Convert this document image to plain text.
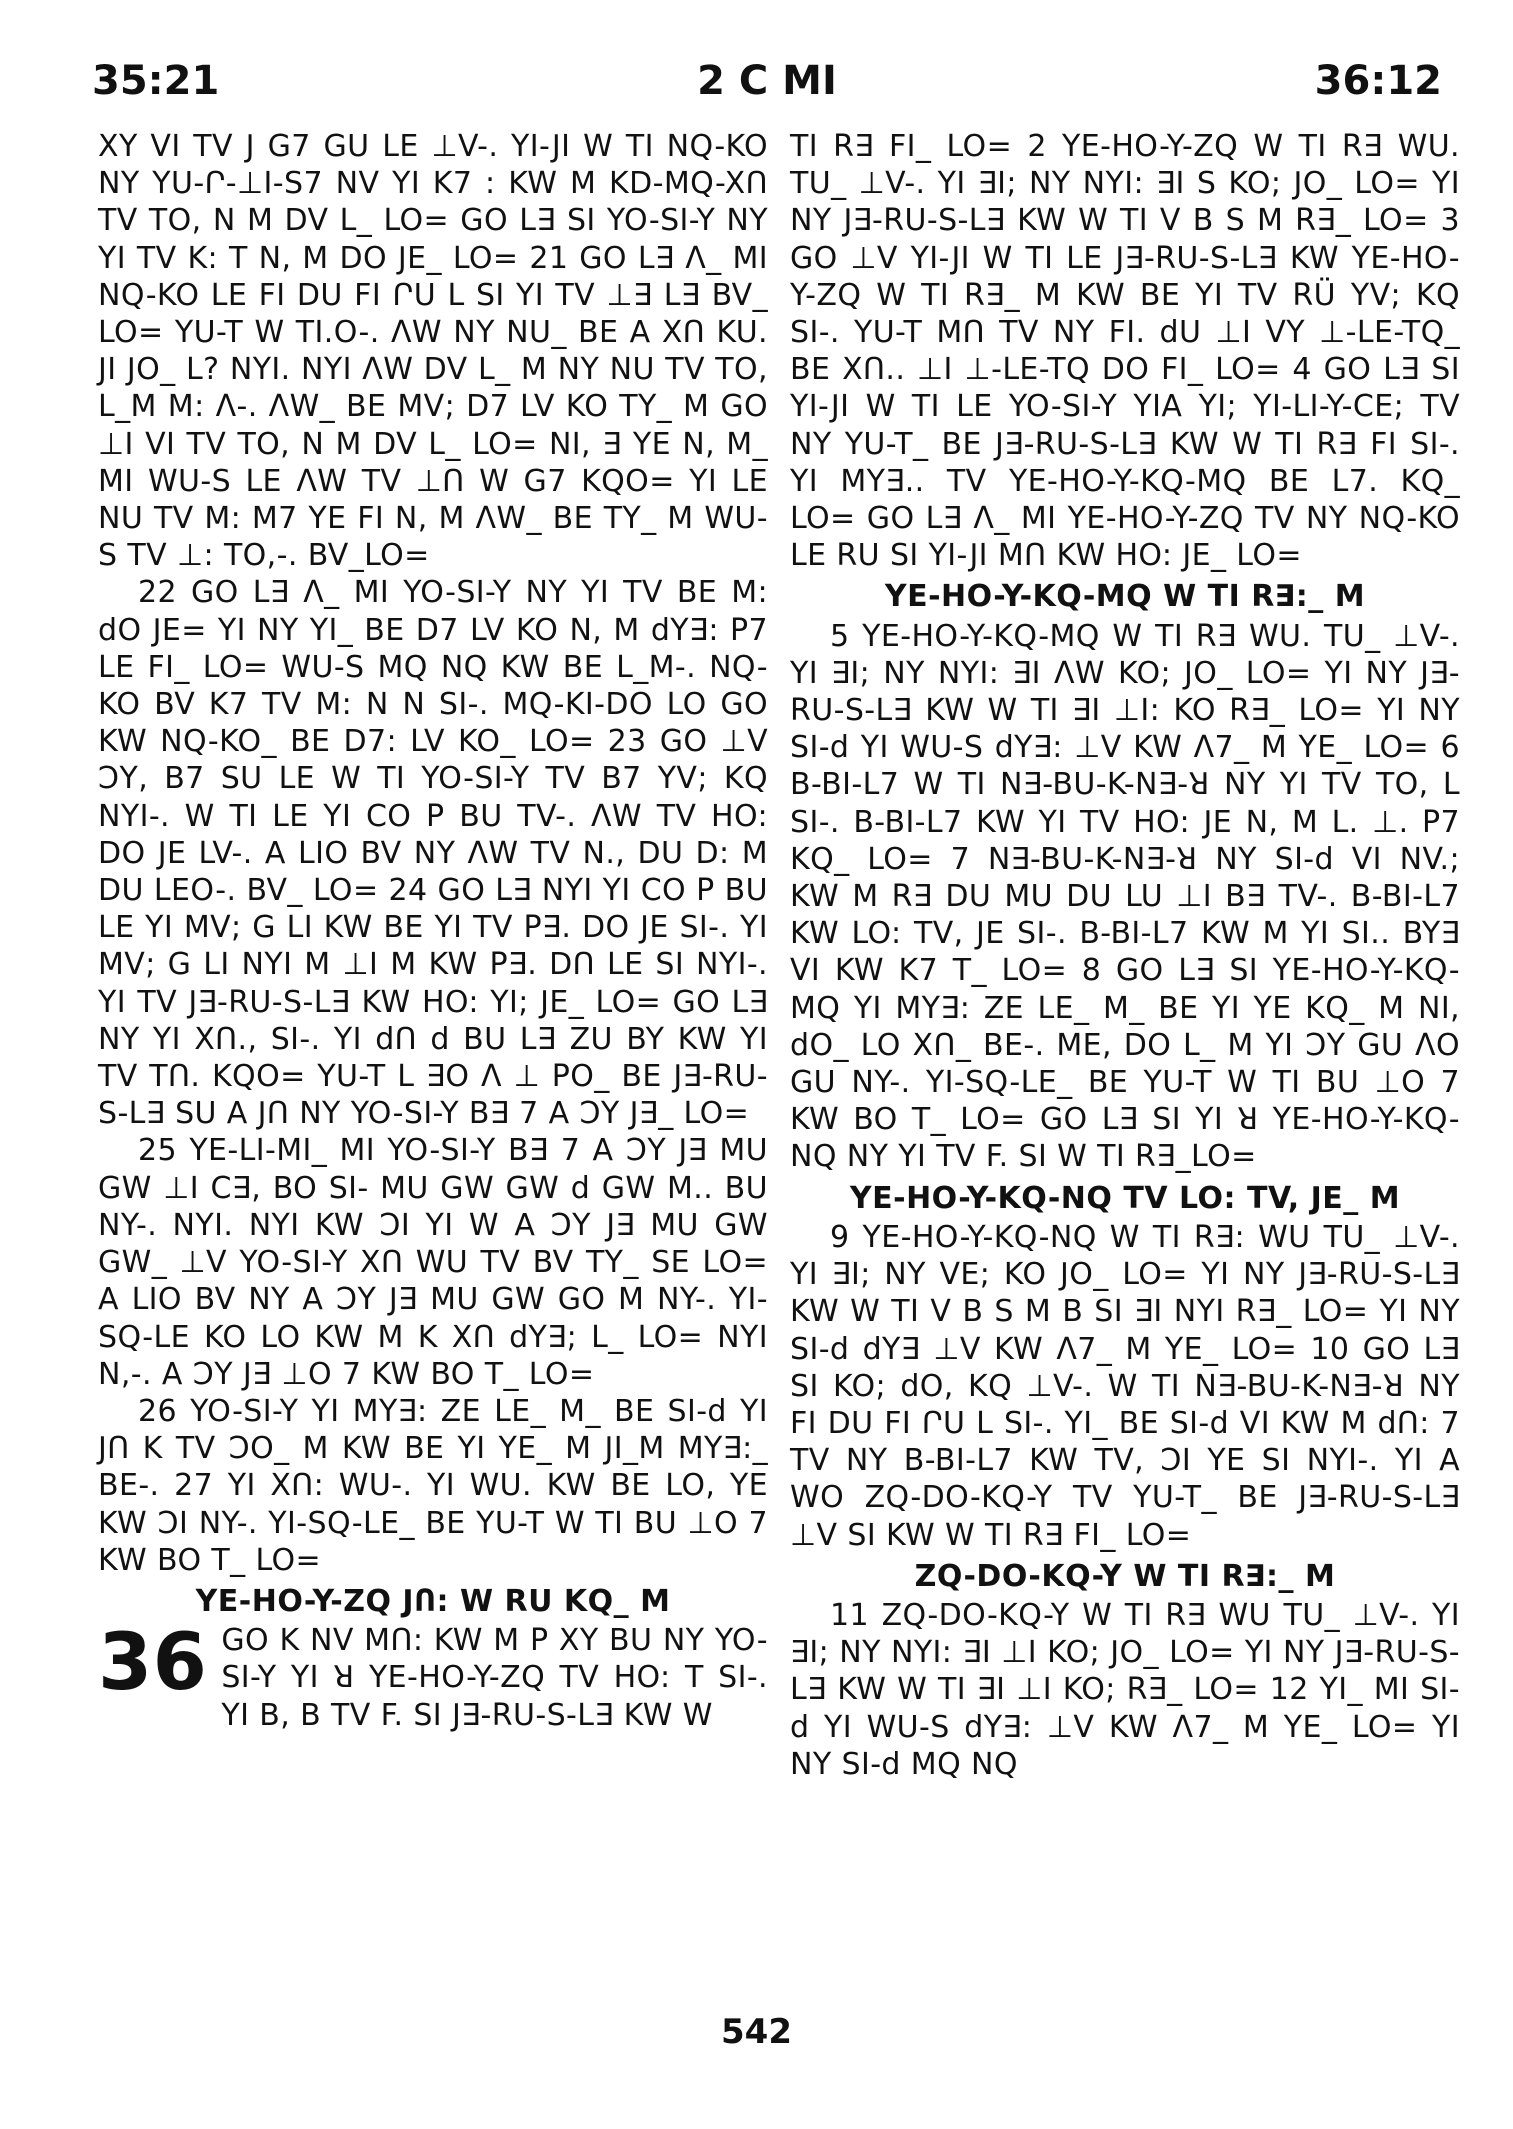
2 C MI
35:21	36:12

XY VI TV J G7 GU LE ⊥V-. YI-JI W TI NQ-KO NY YU-Ր-⊥I-S7 NV YI K7 : KW M KD-MQ-XՈ TV TO, N M DV L_ LO= GO L∃ SI YO-SI-Y NY YI TV K: T N, M DO JE_ LO= 21 GO L∃ Λ_ MI NQ-KO LE FI DU FI ՐU L SI YI TV ⊥∃ L∃ BV_ LO= YU-T W TI.O-. ΛW NY NU_ BE A XՈ KU. JI JO_ L? NYI. NYI ΛW DV L_ M NY NU TV TO, L_M M: Λ-. ΛW_ BE MV; D7 LV KO TY_ M GO ⊥I VI TV TO, N M DV L_ LO= NI, ∃ YE N, M_ MI WU-S LE ΛW TV ⊥Ո W G7 KQO= YI LE NU TV M: M7 YE FI N, M ΛW_ BE TY_ M WU-S TV ⊥: TO,-. BV_LO=

22 GO L∃ Λ_ MI YO-SI-Y NY YI TV BE M: dO JE= YI NY YI_ BE D7 LV KO N, M dY∃: P7 LE FI_ LO= WU-S MQ NQ KW BE L_M-. NQ-KO BV K7 TV M: N N SI-. MQ-KI-DO LO GO KW NQ-KO_ BE D7: LV KO_ LO= 23 GO ⊥V ƆY, B7 SU LE W TI YO-SI-Y TV B7 YV; KQ NYI-. W TI LE YI CO P BU TV-. ΛW TV HO: DO JE LV-. A LIO BV NY ΛW TV N., DU D: M DU LEO-. BV_ LO= 24 GO L∃ NYI YI CO P BU LE YI MV; G LI KW BE YI TV P∃. DO JE SI-. YI MV; G LI NYI M ⊥I M KW P∃. DՈ LE SI NYI-. YI TV J∃-RU-S-L∃ KW HO: YI; JE_ LO= GO L∃ NY YI XՈ., SI-. YI dՈ d BU L∃ ZU BY KW YI TV TՈ. KQO= YU-T L ∃O Λ ⊥ PO_ BE J∃-RU-S-L∃ SU A JՈ NY YO-SI-Y B∃ 7 A ƆY J∃_ LO=

25 YE-LI-MI_ MI YO-SI-Y B∃ 7 A ƆY J∃ MU GW ⊥I C∃, BO SI- MU GW GW d GW M.. BU NY-. NYI. NYI KW ƆI YI W A ƆY J∃ MU GW GW_ ⊥V YO-SI-Y XՈ WU TV BV TY_ SE LO= A LIO BV NY A ƆY J∃ MU GW GO M NY-. YI-SQ-LE KO LO KW M K XՈ dY∃; L_ LO= NYI N,-. A ƆY J∃ ⊥O 7 KW BO T_ LO=

26 YO-SI-Y YI MY∃: ZE LE_ M_ BE SI-d YI JՈ K TV ƆO_ M KW BE YI YE_ M JI_M MY∃:_ BE-. 27 YI XՈ: WU-. YI WU. KW BE LO, YE KW ƆI NY-. YI-SQ-LE_ BE YU-T W TI BU ⊥O 7 KW BO T_ LO=

YE-HO-Y-ZQ JՈ: W RU KQ_ M
36 GO K NV MՈ: KW M P XY BU NY YO-SI-Y YI ꓤ YE-HO-Y-ZQ TV HO: T SI-. YI B, B TV F. SI J∃-RU-S-L∃ KW W

TI R∃ FI_ LO= 2 YE-HO-Y-ZQ W TI R∃ WU. TU_ ⊥V-. YI ∃I; NY NYI: ∃I S KO; JO_ LO= YI NY J∃-RU-S-L∃ KW W TI V B S M R∃_ LO= 3 GO ⊥V YI-JI W TI LE J∃-RU-S-L∃ KW YE-HO-Y-ZQ W TI R∃_ M KW BE YI TV RÜ YV; KQ SI-. YU-T MՈ TV NY FI. dU ⊥I VY ⊥-LE-TQ_ BE XՈ.. ⊥I ⊥-LE-TQ DO FI_ LO= 4 GO L∃ SI YI-JI W TI LE YO-SI-Y YIA YI; YI-LI-Y-CE; TV NY YU-T_ BE J∃-RU-S-L∃ KW W TI R∃ FI SI-. YI MY∃.. TV YE-HO-Y-KQ-MQ BE L7. KQ_ LO= GO L∃ Λ_ MI YE-HO-Y-ZQ TV NY NQ-KO LE RU SI YI-JI MՈ KW HO: JE_ LO=

YE-HO-Y-KQ-MQ W TI R∃:_ M

5 YE-HO-Y-KQ-MQ W TI R∃ WU. TU_ ⊥V-. YI ∃I; NY NYI: ∃I ΛW KO; JO_ LO= YI NY J∃-RU-S-L∃ KW W TI ∃I ⊥I: KO R∃_ LO= YI NY SI-d YI WU-S dY∃: ⊥V KW Λ7_ M YE_ LO= 6 B-BI-L7 W TI N∃-BU-K-N∃-ꓤ NY YI TV TO, L SI-. B-BI-L7 KW YI TV HO: JE N, M L. ⊥. P7 KQ_ LO= 7 N∃-BU-K-N∃-ꓤ NY SI-d VI NV.; KW M R∃ DU MU DU LU ⊥I B∃ TV-. B-BI-L7 KW LO: TV, JE SI-. B-BI-L7 KW M YI SI.. BY∃ VI KW K7 T_ LO= 8 GO L∃ SI YE-HO-Y-KQ-MQ YI MY∃: ZE LE_ M_ BE YI YE KQ_ M NI, dO_ LO XՈ_ BE-. ME, DO L_ M YI ƆY GU ΛO GU NY-. YI-SQ-LE_ BE YU-T W TI BU ⊥O 7 KW BO T_ LO= GO L∃ SI YI ꓤ YE-HO-Y-KQ-NQ NY YI TV F. SI W TI R∃_LO=

YE-HO-Y-KQ-NQ TV LO: TV, JE_ M

9 YE-HO-Y-KQ-NQ W TI R∃: WU TU_ ⊥V-. YI ∃I; NY VE; KO JO_ LO= YI NY J∃-RU-S-L∃ KW W TI V B S M B SI ∃I NYI R∃_ LO= YI NY SI-d dY∃ ⊥V KW Λ7_ M YE_ LO= 10 GO L∃ SI KO; dO, KQ ⊥V-. W TI N∃-BU-K-N∃-ꓤ NY FI DU FI ՐU L SI-. YI_ BE SI-d VI KW M dՈ: 7 TV NY B-BI-L7 KW TV, ƆI YE SI NYI-. YI A WO ZQ-DO-KQ-Y TV YU-T_ BE J∃-RU-S-L∃ ⊥V SI KW W TI R∃ FI_ LO=

ZQ-DO-KQ-Y W TI R∃:_ M

11 ZQ-DO-KQ-Y W TI R∃ WU TU_ ⊥V-. YI ∃I; NY NYI: ∃I ⊥I KO; JO_ LO= YI NY J∃-RU-S-L∃ KW W TI ∃I ⊥I KO; R∃_ LO= 12 YI_ MI SI-d YI WU-S dY∃: ⊥V KW Λ7_ M YE_ LO= YI NY SI-d MQ NQ

542
